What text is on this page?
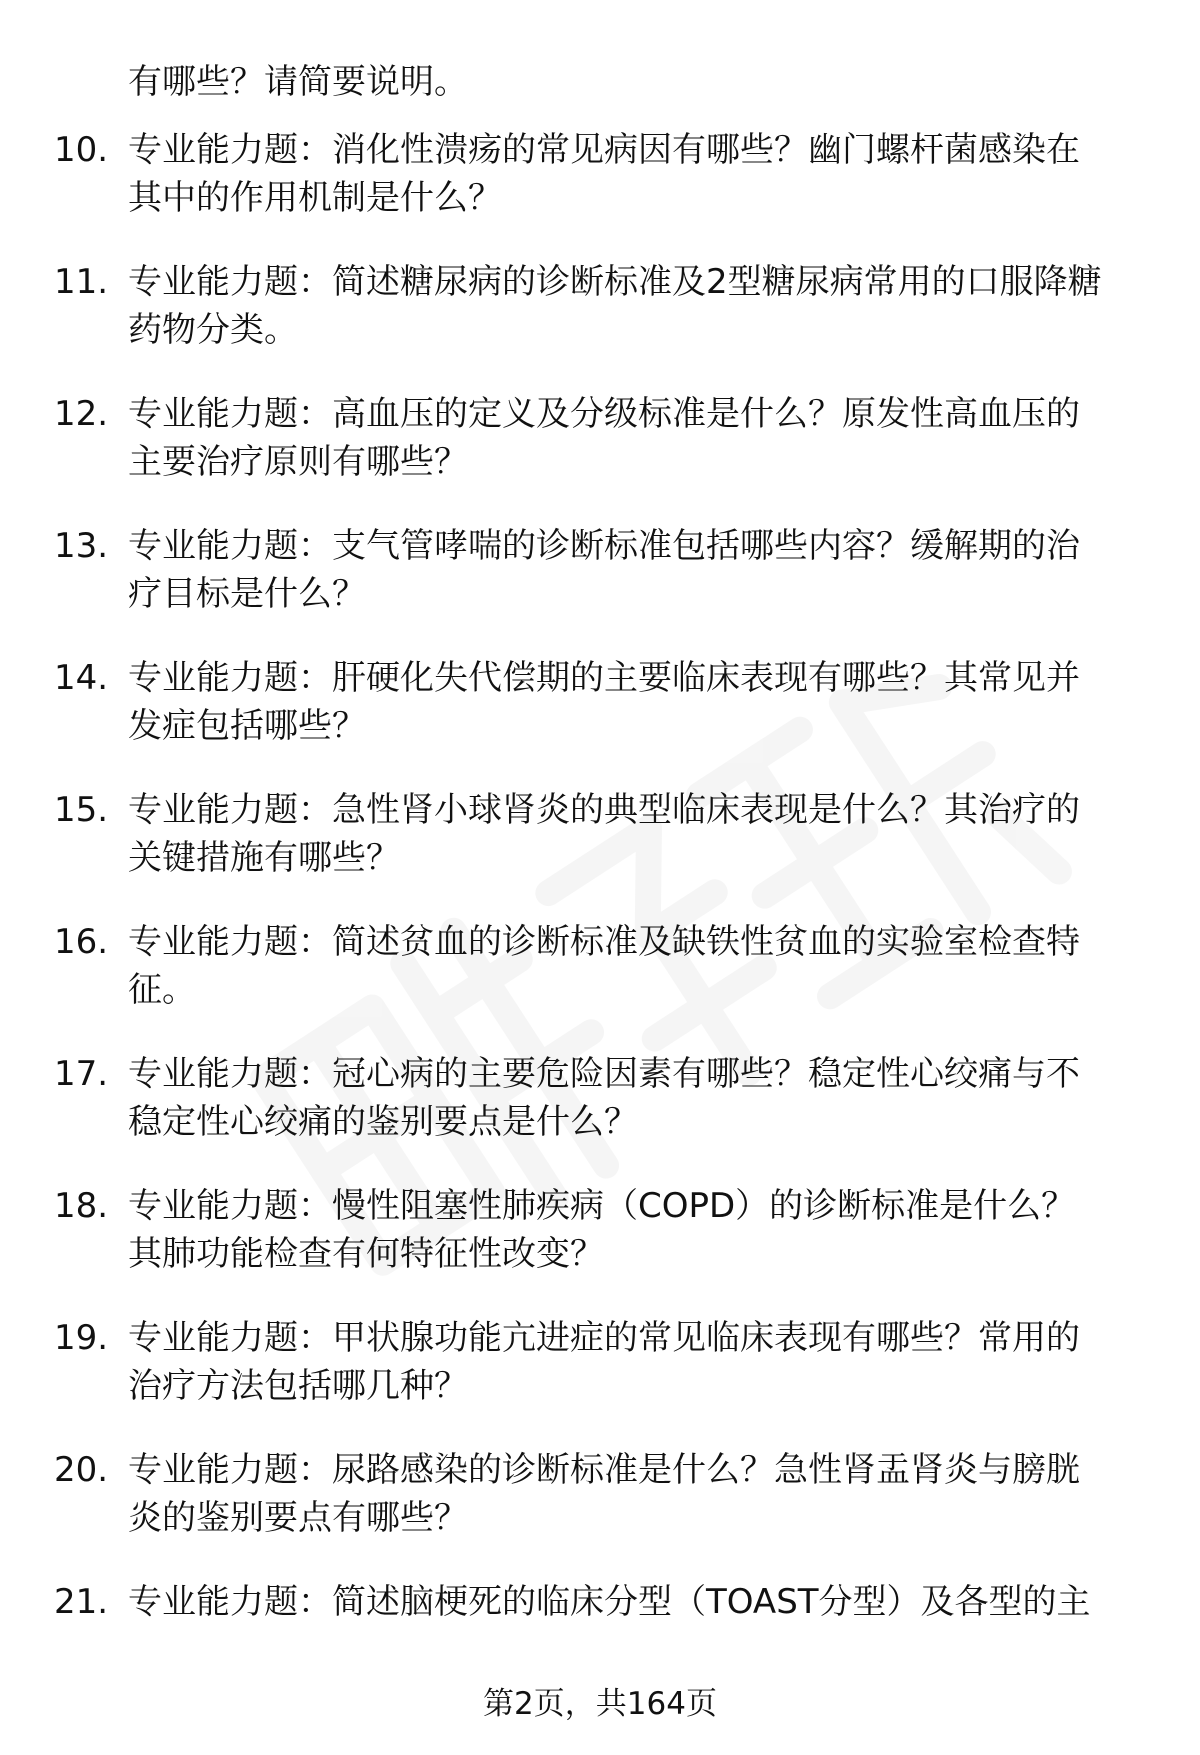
有哪些？请简要说明。
10. 专业能力题：消化性溃疡的常见病因有哪些？幽门螺杆菌感染在
其中的作用机制是什么？
11. 专业能力题：简述糖尿病的诊断标准及2型糖尿病常用的口服降糖
药物分类。
12. 专业能力题：高血压的定义及分级标准是什么？原发性高血压的
主要治疗原则有哪些？
13. 专业能力题：支气管哮喘的诊断标准包括哪些内容？缓解期的治
疗目标是什么？
14. 专业能力题：肝硬化失代偿期的主要临床表现有哪些？其常见并
发症包括哪些？
15. 专业能力题：急性肾小球肾炎的典型临床表现是什么？其治疗的
关键措施有哪些？
16. 专业能力题：简述贫血的诊断标准及缺铁性贫血的实验室检查特
征。
17. 专业能力题：冠心病的主要危险因素有哪些？稳定性心绞痛与不
稳定性心绞痛的鉴别要点是什么？
18. 专业能力题：慢性阻塞性肺疾病（COPD）的诊断标准是什么？
其肺功能检查有何特征性改变？
19. 专业能力题：甲状腺功能亢进症的常见临床表现有哪些？常用的
治疗方法包括哪几种？
20. 专业能力题：尿路感染的诊断标准是什么？急性肾盂肾炎与膀胱
炎的鉴别要点有哪些？
21. 专业能力题：简述脑梗死的临床分型（TOAST分型）及各型的主
第2页，共164页
